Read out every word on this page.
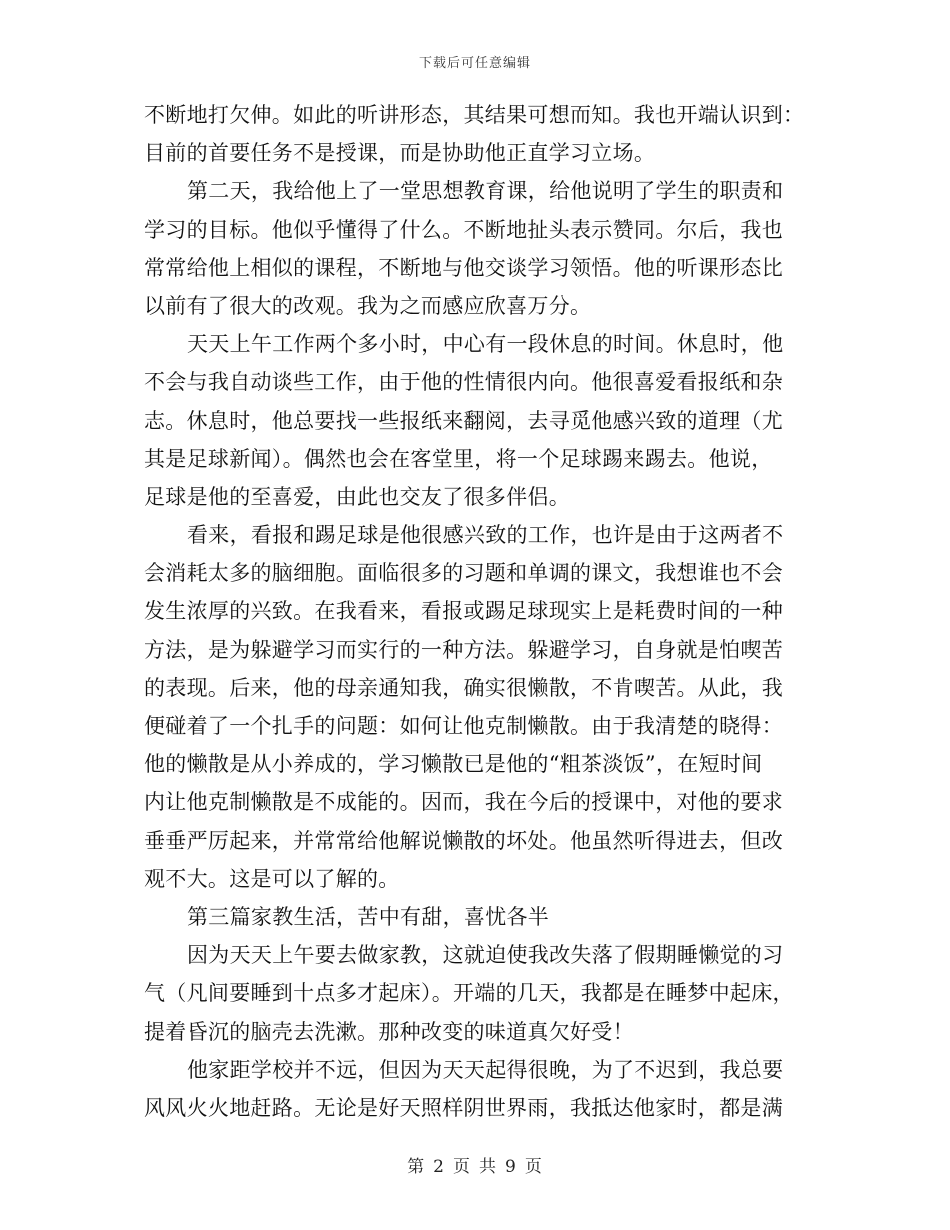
下载后可任意编辑
不断地打欠伸。如此的听讲形态，其结果可想而知。我也开端认识到：
目前的首要任务不是授课，而是协助他正直学习立场。
第二天，我给他上了一堂思想教育课，给他说明了学生的职责和
学习的目标。他似乎懂得了什么。不断地扯头表示赞同。尔后，我也
常常给他上相似的课程，不断地与他交谈学习领悟。他的听课形态比
以前有了很大的改观。我为之而感应欣喜万分。
天天上午工作两个多小时，中心有一段休息的时间。休息时，他
不会与我自动谈些工作，由于他的性情很内向。他很喜爱看报纸和杂
志。休息时，他总要找一些报纸来翻阅，去寻觅他感兴致的道理（尤
其是足球新闻）。偶然也会在客堂里，将一个足球踢来踢去。他说，
足球是他的至喜爱，由此也交友了很多伴侣。
看来，看报和踢足球是他很感兴致的工作，也许是由于这两者不
会消耗太多的脑细胞。面临很多的习题和单调的课文，我想谁也不会
发生浓厚的兴致。在我看来，看报或踢足球现实上是耗费时间的一种
方法，是为躲避学习而实行的一种方法。躲避学习，自身就是怕喫苦
的表现。后来，他的母亲通知我，确实很懒散，不肯喫苦。从此，我
便碰着了一个扎手的问题：如何让他克制懒散。由于我清楚的晓得：
他的懒散是从小养成的，学习懒散已是他的“粗茶淡饭”，在短时间
内让他克制懒散是不成能的。因而，我在今后的授课中，对他的要求
垂垂严厉起来，并常常给他解说懒散的坏处。他虽然听得进去，但改
观不大。这是可以了解的。
第三篇家教生活，苦中有甜，喜忧各半
因为天天上午要去做家教，这就迫使我改失落了假期睡懒觉的习
气（凡间要睡到十点多才起床）。开端的几天，我都是在睡梦中起床，
提着昏沉的脑壳去洗漱。那种改变的味道真欠好受！
他家距学校并不远，但因为天天起得很晚，为了不迟到，我总要
风风火火地赶路。无论是好天照样阴世界雨，我抵达他家时，都是满
第 2 页 共 9 页
